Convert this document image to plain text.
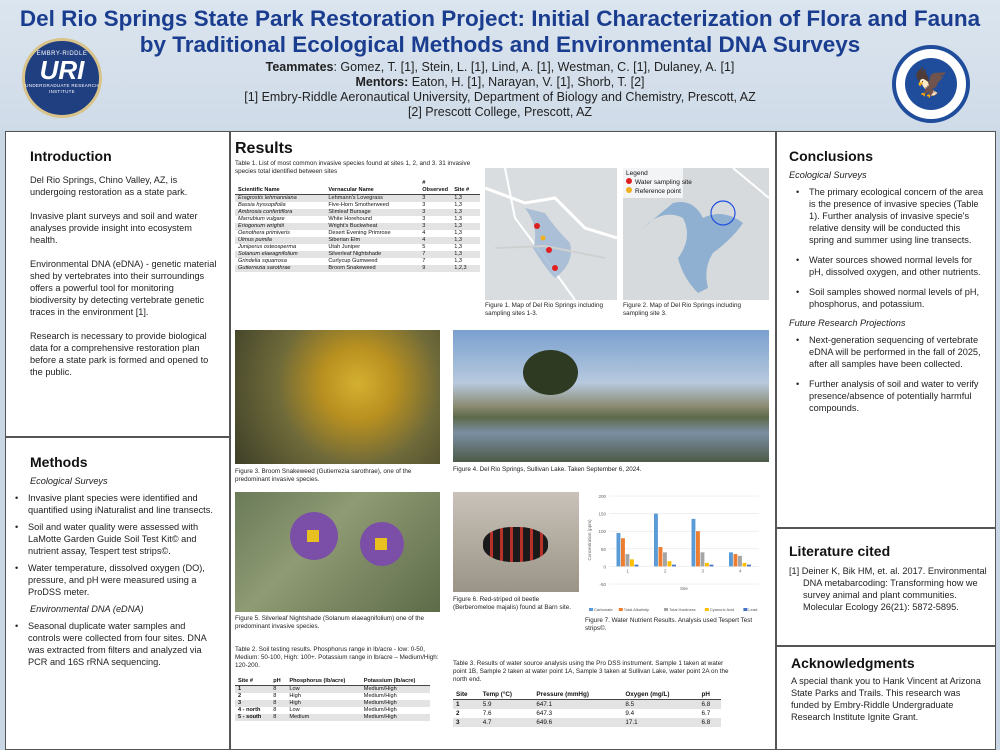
Del Rio Springs State Park Restoration Project: Initial Characterization of Flora and Fauna
by Traditional Ecological Methods and Environmental DNA Surveys
Teammates: Gomez, T. [1], Stein, L. [1], Lind, A. [1], Westman, C. [1], Dulaney, A. [1]
Mentors: Eaton, H. [1], Narayan, V. [1], Shorb, T. [2]
[1] Embry-Riddle Aeronautical University, Department of Biology and Chemistry, Prescott, AZ
[2] Prescott College, Prescott, AZ
EMBRY-RIDDLE
URI
UNDERGRADUATE RESEARCH INSTITUTE	🦅
Introduction

Del Rio Springs, Chino Valley, AZ, is undergoing restoration as a state park.

Invasive plant surveys and soil and water analyses provide insight into ecosystem health.

Environmental DNA (eDNA) - genetic material shed by vertebrates into their surroundings offers a powerful tool for monitoring biodiversity by detecting vertebrate genetic traces in the environment [1].

Research is necessary to provide biological data for a comprehensive restoration plan before a state park is formed and opened to the public.

Methods
Ecological Surveys
• Invasive plant species were identified and quantified using iNaturalist and line transects.
• Soil and water quality were assessed with LaMotte Garden Guide Soil Test Kit© and nutrient assay, Tespert test strips©.
• Water temperature, dissolved oxygen (DO), pressure, and pH were measured using a ProDSS meter.
Environmental DNA (eDNA)
• Seasonal duplicate water samples and controls were collected from four sites. DNA was extracted from filters and analyzed via PCR and 16S rRNA sequencing.
Results
Table 1. List of most common invasive species found at sites 1, 2, and 3. 31 invasive species total identified between sites
Scientific Name	Vernacular Name	# Observed	Site #
Eragrostis lehmanniana	Lehmann's Lovegrass	3	1,3
Bassia hyssopifolia	Five-Horn Smotherweed	3	1,3
Ambrosia confertiflora	Slimleaf Bursage	3	1,3
Marrubium vulgare	White Horehound	3	1,3
Eriogonum wrightii	Wright's Buckwheat	3	1,3
Oenothera primiveris	Desert Evening Primrose	4	1,3
Ulmus pumila	Siberian Elm	4	1,3
Juniperus osteosperma	Utah Juniper	5	1,3
Solanum elaeagnifolium	Silverleaf Nightshade	7	1,3
Grindelia squarrosa	Curlycup Gumweed	7	1,3
Gutierrezia sarothrae	Broom Snakeweed	9	1,2,3
Figure 1. Map of Del Rio Springs including sampling sites 1-3.
Legend
Water sampling site
Reference point
Figure 2. Map of Del Rio Springs including sampling site 3.
Figure 3. Broom Snakeweed (Gutierrezia sarothrae), one of the predominant invasive species.
Figure 4. Del Rio Springs, Sullivan Lake. Taken September 6, 2024.
Figure 5. Silverleaf Nightshade (Solanum elaeagnifolium) one of the predominant invasive species.
Figure 6. Red-striped oil beetle (Berberomeloe majalis) found at Barn site.
-50
0
50
100
150
200
Concentration (ppm)
1	2	3	4
Site
Carbonate	Total Alkalinity	Total Hardness	Cyanuric Acid	Lead
Figure 7. Water Nutrient Results. Analysis used Tespert Test strips©.
Table 2. Soil testing results. Phosphorus range in lb/acre - low: 0-50, Medium: 50-100, High: 100+. Potassium range in lb/acre – Medium/High: 120-200.
Site #	pH	Phosphorus (lb/acre)	Potassium (lb/acre)
1	8	Low	Medium/High
2	8	High	Medium/High
3	8	High	Medium/High
4 - north	8	Low	Medium/High
5 - south	8	Medium	Medium/High
Table 3. Results of water source analysis using the Pro DSS instrument. Sample 1 taken at water point 1B, Sample 2 taken at water point 1A, Sample 3 taken at Sullivan Lake, water point 2A on the north end.
Site	Temp (°C)	Pressure (mmHg)	Oxygen (mg/L)	pH
1	5.9	647.1	8.5	6.8
2	7.6	647.3	9.4	6.7
3	4.7	649.6	17.1	6.8
Conclusions
Ecological Surveys
• The primary ecological concern of the area is the presence of invasive species (Table 1). Further analysis of invasive specie's relative density will be conducted this spring and summer using line transects.
• Water sources showed normal levels for pH, dissolved oxygen, and other nutrients.
• Soil samples showed normal levels of pH, phosphorus, and potassium.
Future Research Projections
• Next-generation sequencing of vertebrate eDNA will be performed in the fall of 2025, after all samples have been collected.
• Further analysis of soil and water to verify presence/absence of potentially harmful compounds.
Literature cited

[1] Deiner K, Bik HM, et. al. 2017. Environmental DNA metabarcoding: Transforming how we survey animal and plant communities. Molecular Ecology 26(21): 5872-5895.

Acknowledgments

A special thank you to Hank Vincent at Arizona State Parks and Trails. This research was funded by Embry-Riddle Undergraduate Research Institute Ignite Grant.
